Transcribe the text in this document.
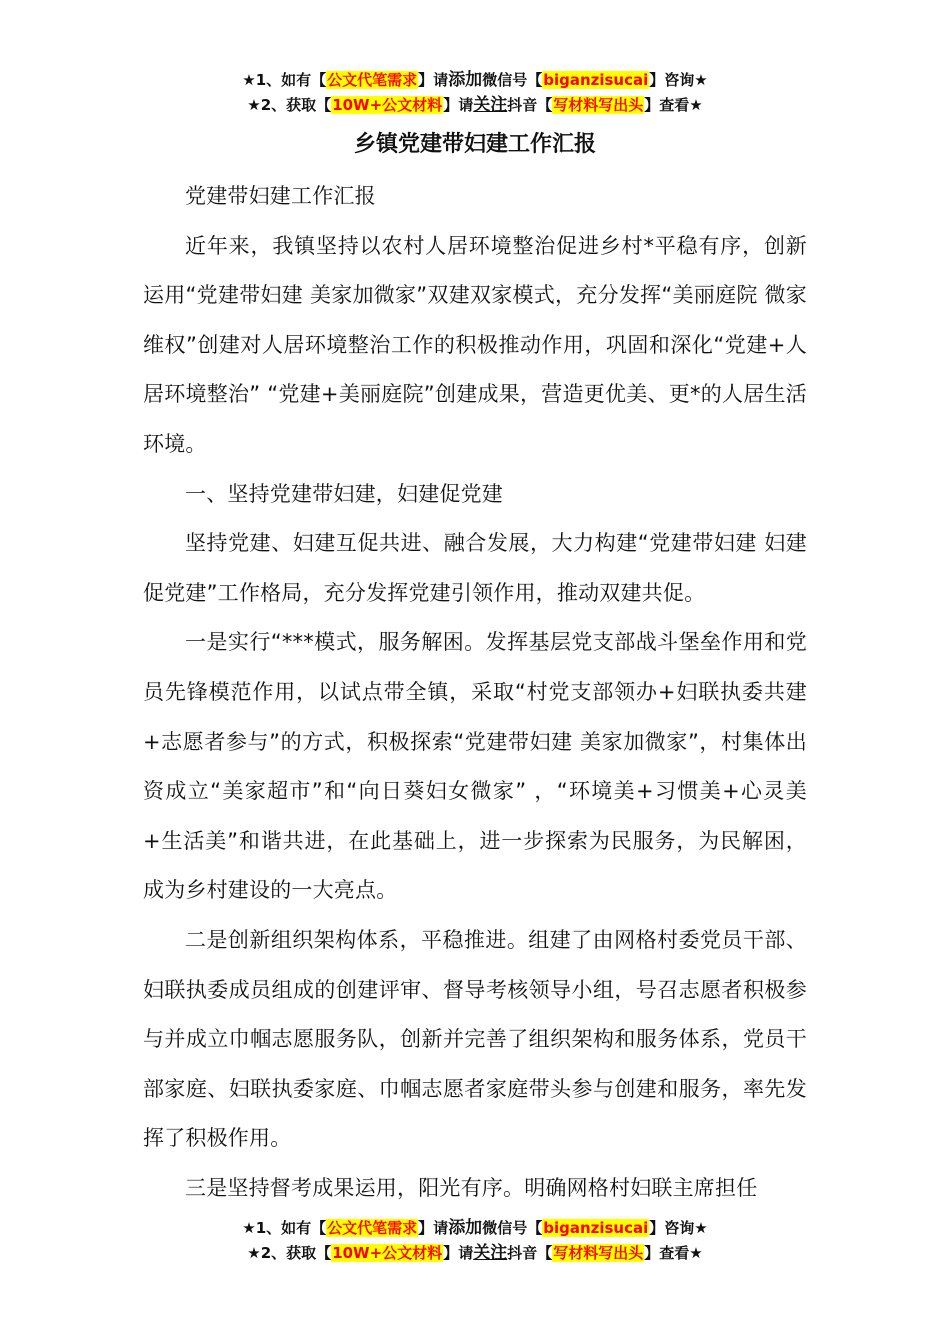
★1、如有【公文代笔需求】请添加微信号【biganzisucai】咨询★
★2、获取【10W+公文材料】请关注抖音【写材料写出头】查看★
乡镇党建带妇建工作汇报

党建带妇建工作汇报

近年来，我镇坚持以农村人居环境整治促进乡村*平稳有序，创新运用“党建带妇建 美家加微家”双建双家模式，充分发挥“美丽庭院 微家维权”创建对人居环境整治工作的积极推动作用，巩固和深化“党建+人居环境整治” “党建+美丽庭院”创建成果，营造更优美、更*的人居生活环境。

一、坚持党建带妇建，妇建促党建

坚持党建、妇建互促共进、融合发展，大力构建“党建带妇建 妇建促党建”工作格局，充分发挥党建引领作用，推动双建共促。

一是实行“***模式，服务解困。发挥基层党支部战斗堡垒作用和党员先锋模范作用，以试点带全镇，采取“村党支部领办+妇联执委共建+志愿者参与”的方式，积极探索“党建带妇建 美家加微家”，村集体出资成立“美家超市”和“向日葵妇女微家” ，“环境美+习惯美+心灵美+生活美”和谐共进，在此基础上，进一步探索为民服务，为民解困，成为乡村建设的一大亮点。

二是创新组织架构体系，平稳推进。组建了由网格村委党员干部、妇联执委成员组成的创建评审、督导考核领导小组，号召志愿者积极参与并成立巾帼志愿服务队，创新并完善了组织架构和服务体系，党员干部家庭、妇联执委家庭、巾帼志愿者家庭带头参与创建和服务，率先发挥了积极作用。

三是坚持督考成果运用，阳光有序。明确网格村妇联主席担任

★1、如有【公文代笔需求】请添加微信号【biganzisucai】咨询★
★2、获取【10W+公文材料】请关注抖音【写材料写出头】查看★
